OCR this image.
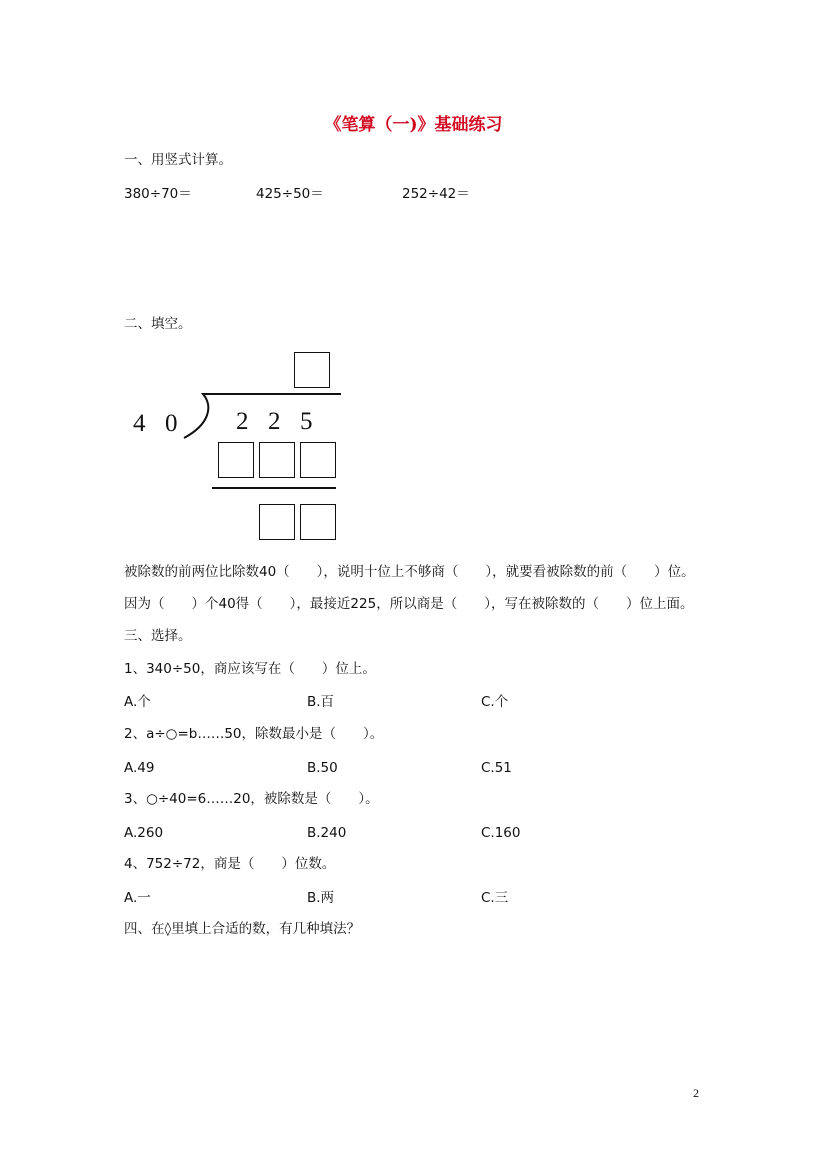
《笔算（一)》基础练习
一、用竖式计算。
380÷70＝	425÷50＝	252÷42＝
二、填空。
4 0 2 2 5
被除数的前两位比除数40（　　），说明十位上不够商（　　），就要看被除数的前（　　）位。
因为（　　）个40得（　　），最接近225，所以商是（　　），写在被除数的（　　）位上面。
三、选择。
1、340÷50，商应该写在（　　）位上。
A.个	B.百	C.个
2、a÷○=b……50，除数最小是（　　）。
A.49	B.50	C.51
3、○÷40=6……20，被除数是（　　）。
A.260	B.240	C.160
4、752÷72，商是（　　）位数。
A.一	B.两	C.三
四、在◊里填上合适的数，有几种填法？
2
